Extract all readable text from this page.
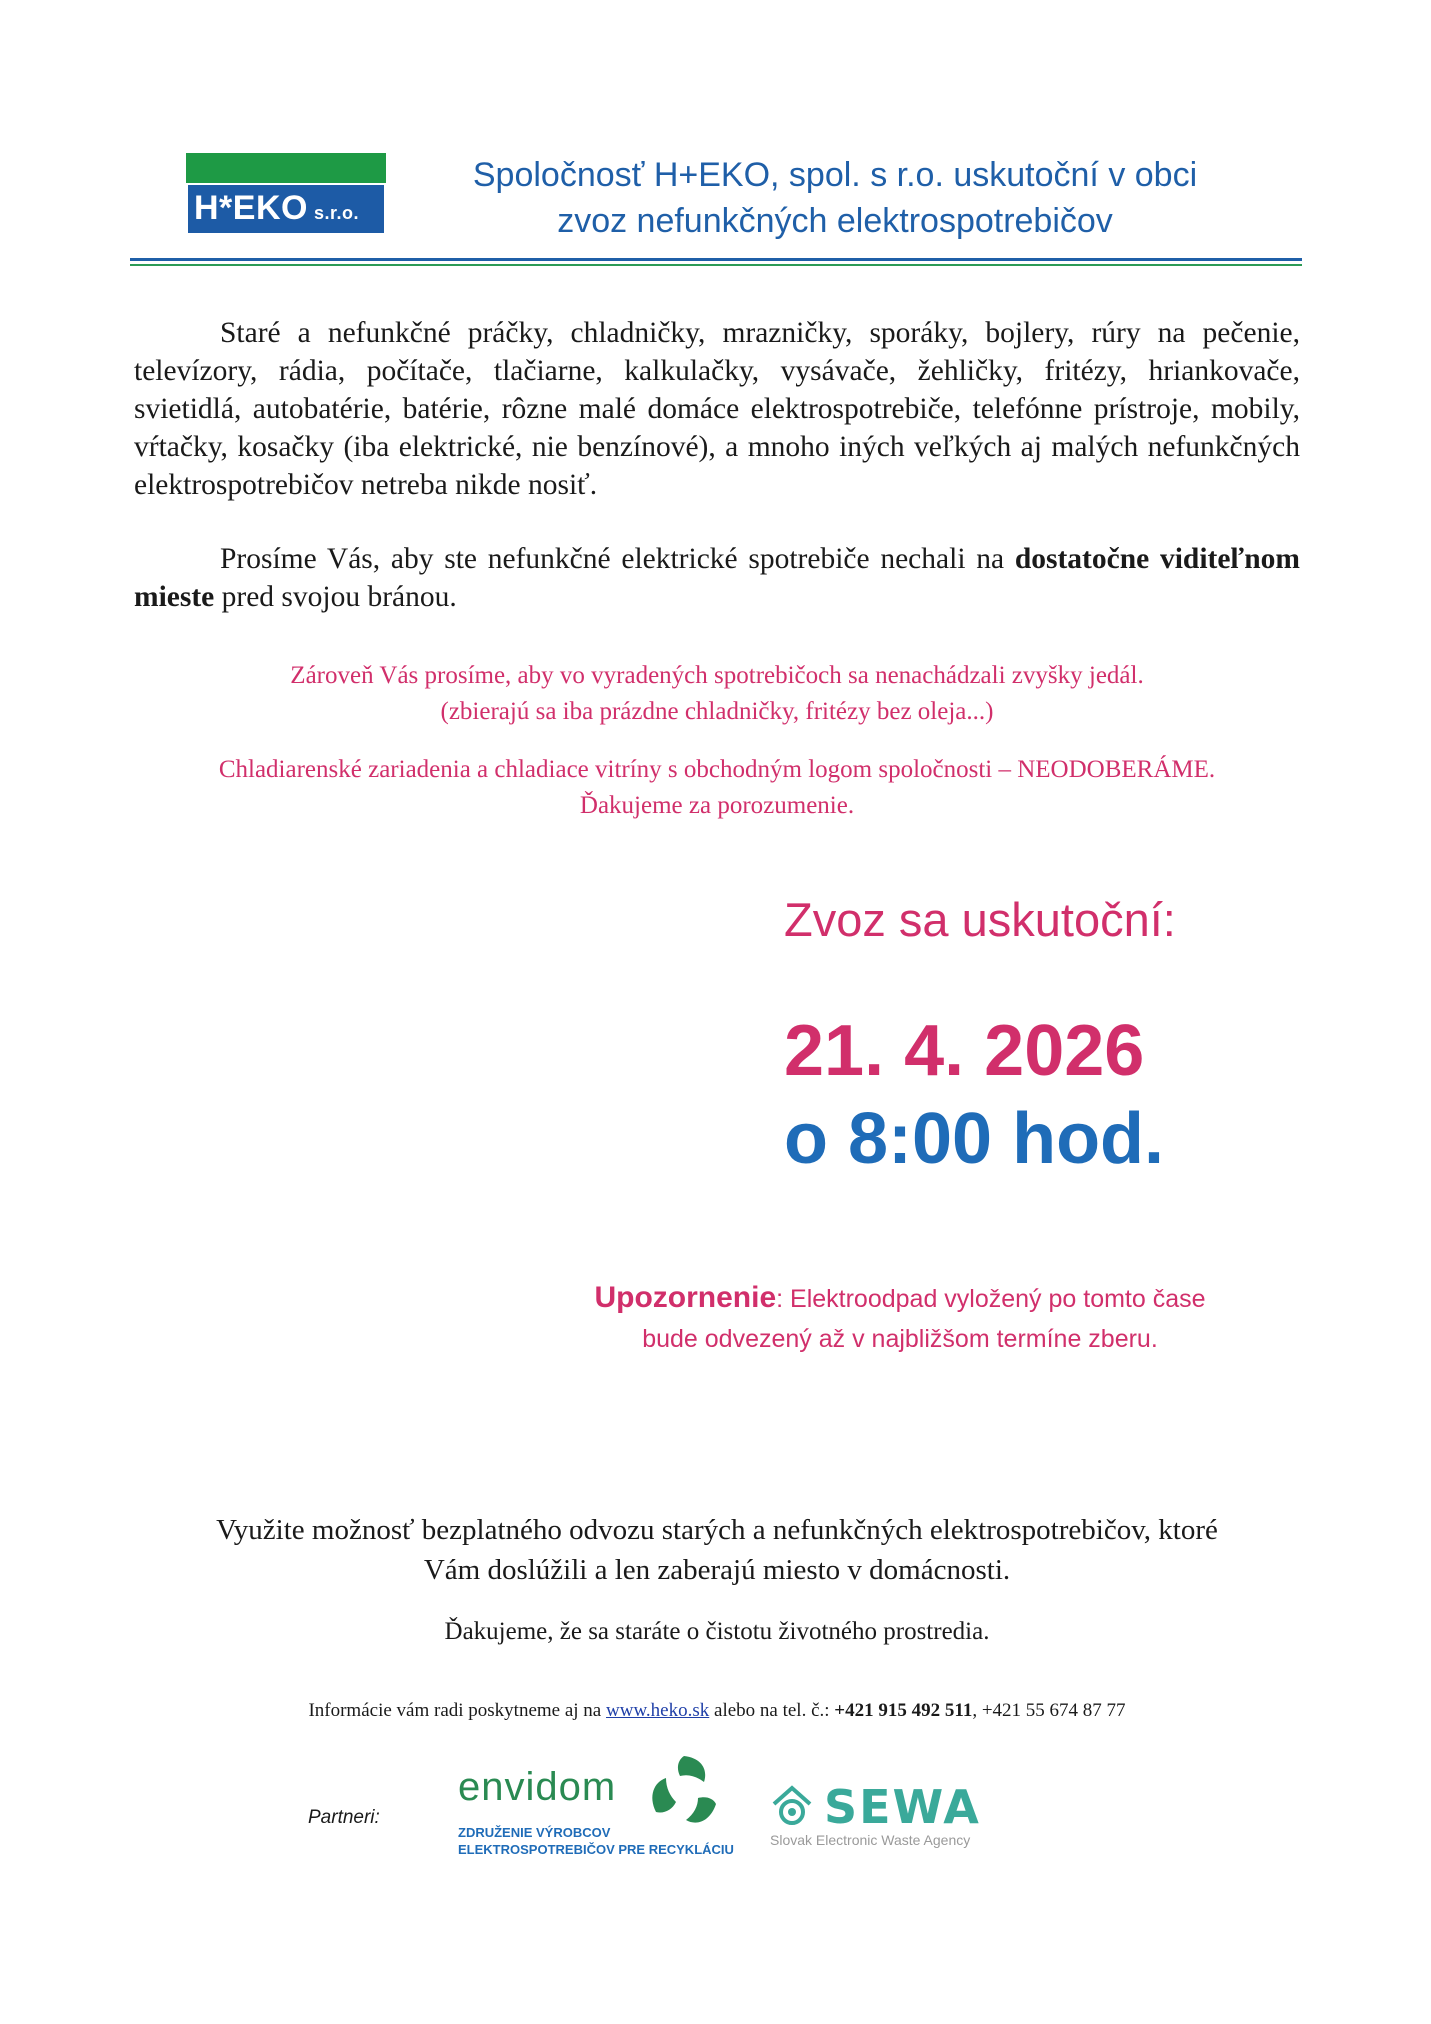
H*EKO s.r.o.
Spoločnosť H+EKO, spol. s r.o. uskutoční v obci
zvoz nefunkčných elektrospotrebičov
Staré a nefunkčné práčky, chladničky, mrazničky, sporáky, bojlery, rúry na pečenie, televízory, rádia, počítače, tlačiarne, kalkulačky, vysávače, žehličky, fritézy, hriankovače, svietidlá, autobatérie, batérie, rôzne malé domáce elektrospotrebiče, telefónne prístroje, mobily, vŕtačky, kosačky (iba elektrické, nie benzínové), a mnoho iných veľkých aj malých nefunkčných elektrospotrebičov netreba nikde nosiť.
Prosíme Vás, aby ste nefunkčné elektrické spotrebiče nechali na dostatočne viditeľnom mieste pred svojou bránou.
Zároveň Vás prosíme, aby vo vyradených spotrebičoch sa nenachádzali zvyšky jedál.
(zbierajú sa iba prázdne chladničky, fritézy bez oleja...)
Chladiarenské zariadenia a chladiace vitríny s obchodným logom spoločnosti – NEODOBERÁME.
Ďakujeme za porozumenie.
Zvoz sa uskutoční:
21. 4. 2026
o 8:00 hod.
Upozornenie: Elektroodpad vyložený po tomto čase
bude odvezený až v najbližšom termíne zberu.
Využite možnosť bezplatného odvozu starých a nefunkčných elektrospotrebičov, ktoré
Vám doslúžili a len zaberajú miesto v domácnosti.
Ďakujeme, že sa staráte o čistotu životného prostredia.
Informácie vám radi poskytneme aj na www.heko.sk alebo na tel. č.: +421 915 492 511, +421 55 674 87 77
Partneri:
envidom
ZDRUŽENIE VÝROBCOV
ELEKTROSPOTREBIČOV PRE RECYKLÁCIU
SEWA
Slovak Electronic Waste Agency
